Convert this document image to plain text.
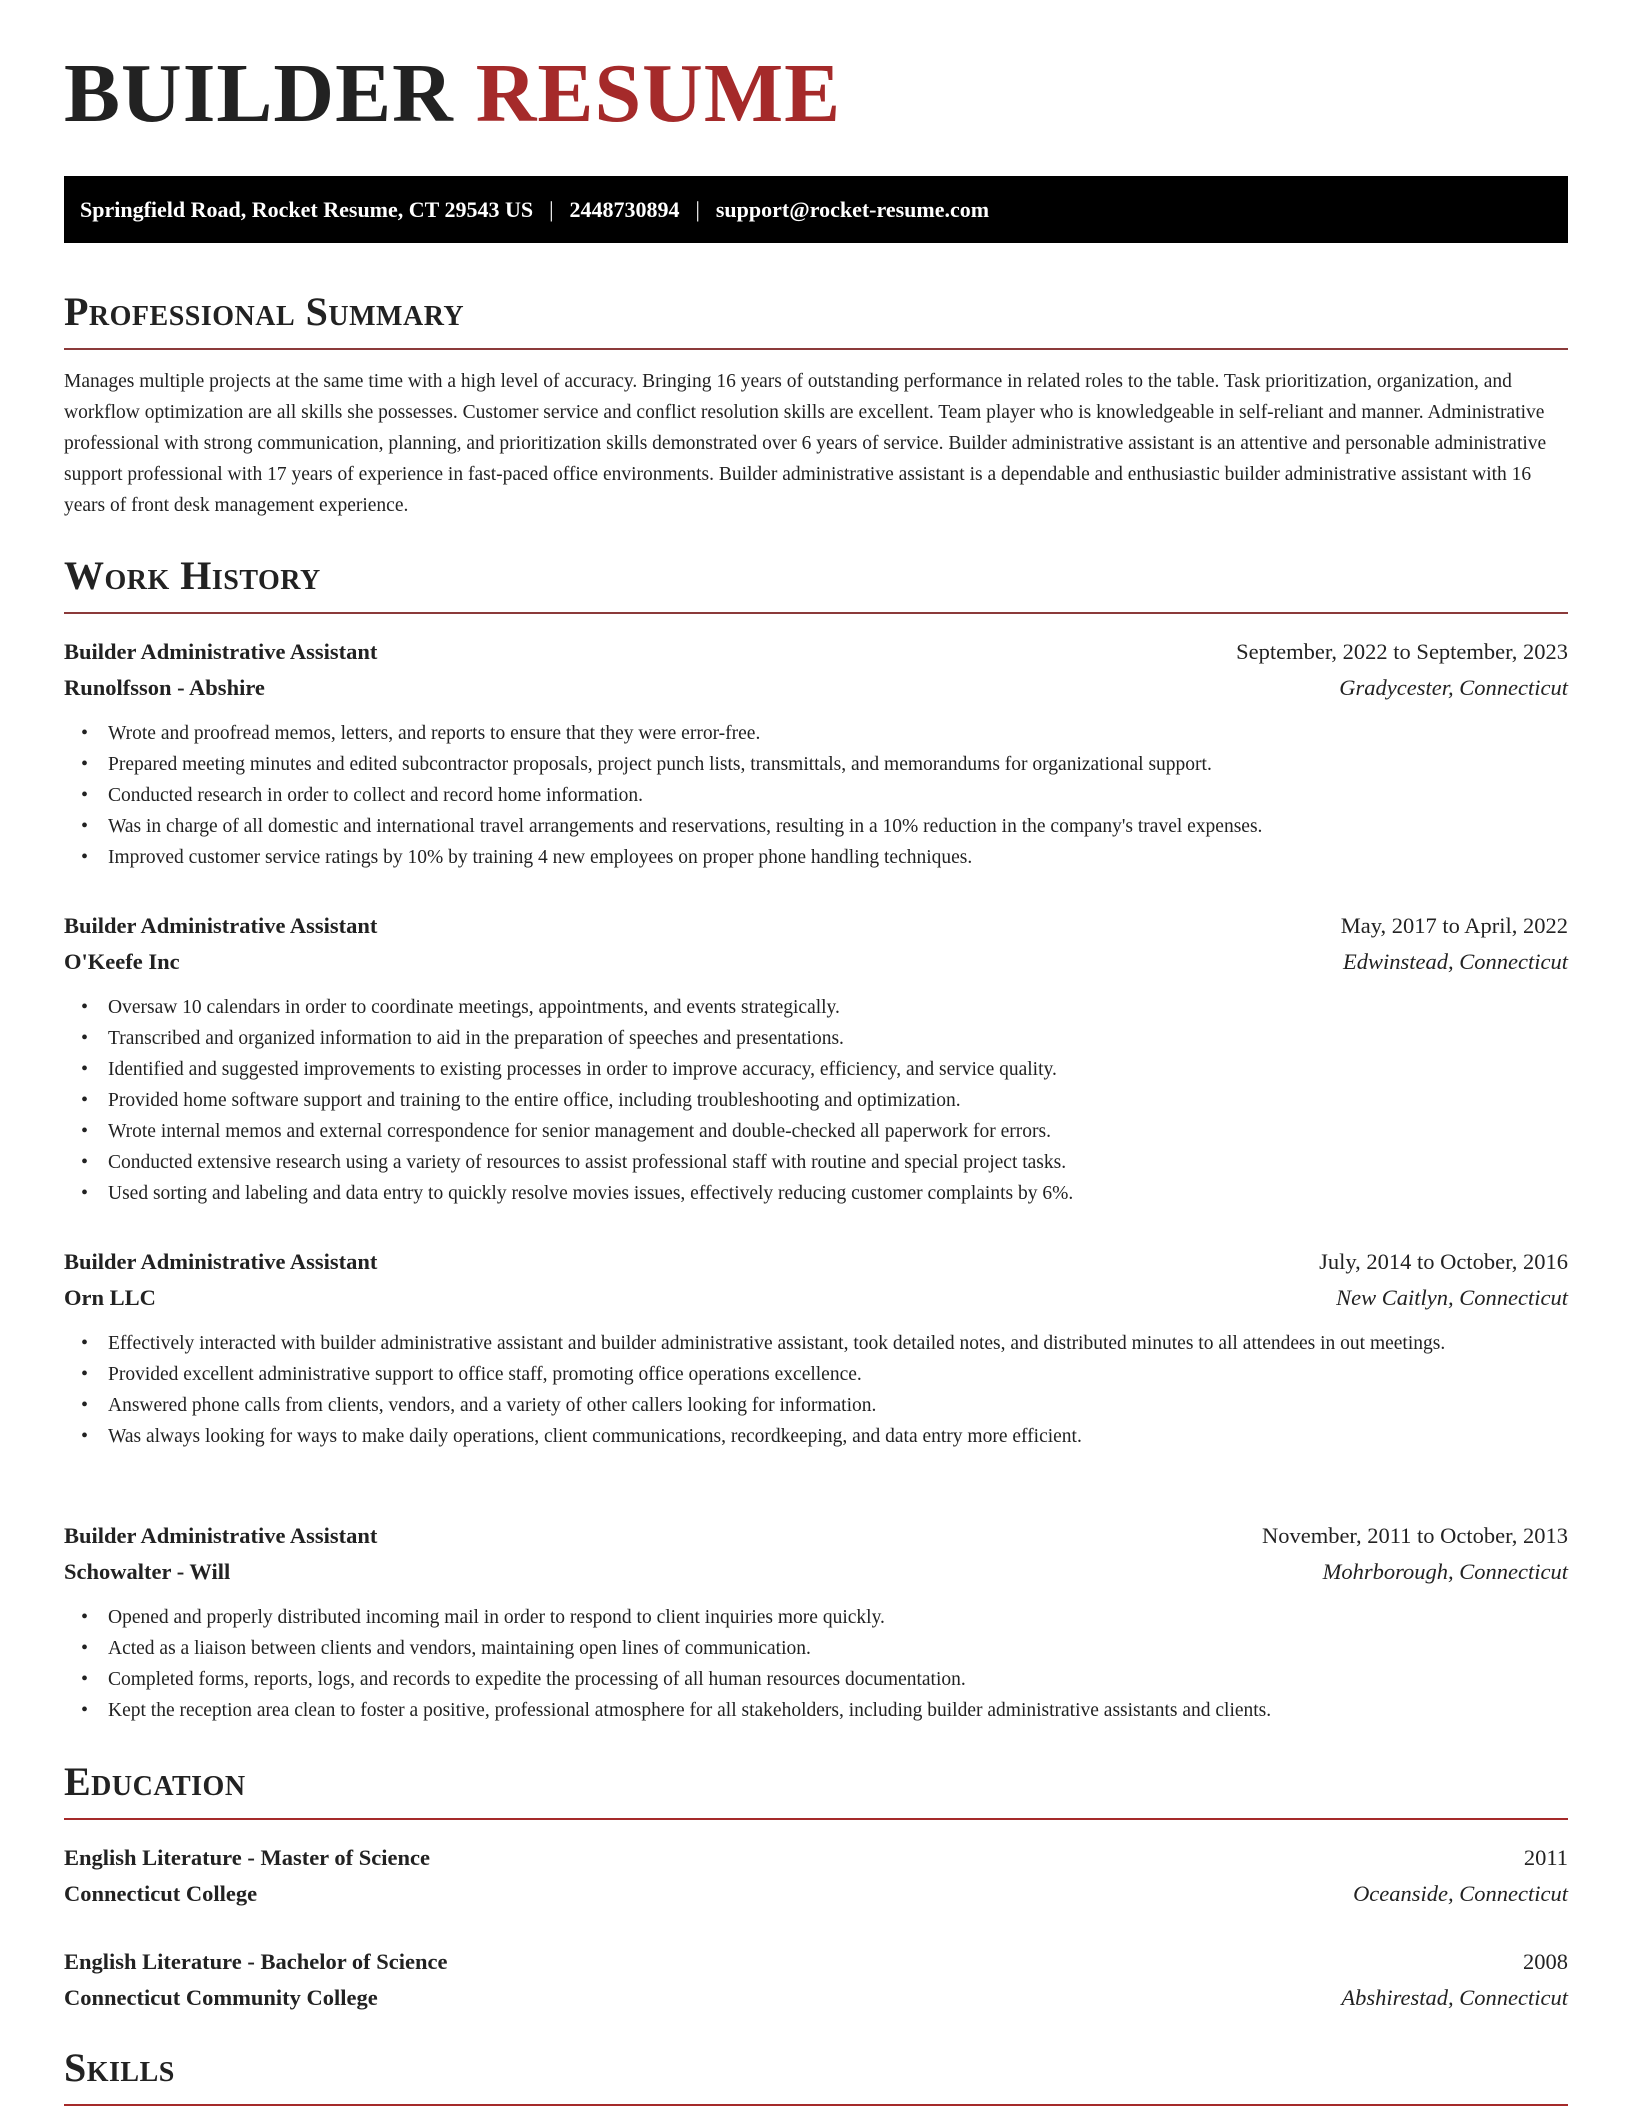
BUILDER RESUME
Springfield Road, Rocket Resume, CT 29543 US | 2448730894 | support@rocket-resume.com
Professional Summary

Manages multiple projects at the same time with a high level of accuracy. Bringing 16 years of outstanding performance in related roles to the table. Task prioritization, organization, and workflow optimization are all skills she possesses. Customer service and conflict resolution skills are excellent. Team player who is knowledgeable in self-reliant and manner. Administrative professional with strong communication, planning, and prioritization skills demonstrated over 6 years of service. Builder administrative assistant is an attentive and personable administrative support professional with 17 years of experience in fast-paced office environments. Builder administrative assistant is a dependable and enthusiastic builder administrative assistant with 16 years of front desk management experience.

Work History
Builder Administrative Assistant	September, 2022 to September, 2023
Runolfsson - Abshire	Gradycester, Connecticut
• Wrote and proofread memos, letters, and reports to ensure that they were error-free.
• Prepared meeting minutes and edited subcontractor proposals, project punch lists, transmittals, and memorandums for organizational support.
• Conducted research in order to collect and record home information.
• Was in charge of all domestic and international travel arrangements and reservations, resulting in a 10% reduction in the company's travel expenses.
• Improved customer service ratings by 10% by training 4 new employees on proper phone handling techniques.
Builder Administrative Assistant	May, 2017 to April, 2022
O'Keefe Inc	Edwinstead, Connecticut
• Oversaw 10 calendars in order to coordinate meetings, appointments, and events strategically.
• Transcribed and organized information to aid in the preparation of speeches and presentations.
• Identified and suggested improvements to existing processes in order to improve accuracy, efficiency, and service quality.
• Provided home software support and training to the entire office, including troubleshooting and optimization.
• Wrote internal memos and external correspondence for senior management and double-checked all paperwork for errors.
• Conducted extensive research using a variety of resources to assist professional staff with routine and special project tasks.
• Used sorting and labeling and data entry to quickly resolve movies issues, effectively reducing customer complaints by 6%.
Builder Administrative Assistant	July, 2014 to October, 2016
Orn LLC	New Caitlyn, Connecticut
• Effectively interacted with builder administrative assistant and builder administrative assistant, took detailed notes, and distributed minutes to all attendees in out meetings.
• Provided excellent administrative support to office staff, promoting office operations excellence.
• Answered phone calls from clients, vendors, and a variety of other callers looking for information.
• Was always looking for ways to make daily operations, client communications, recordkeeping, and data entry more efficient.
Builder Administrative Assistant	November, 2011 to October, 2013
Schowalter - Will	Mohrborough, Connecticut
• Opened and properly distributed incoming mail in order to respond to client inquiries more quickly.
• Acted as a liaison between clients and vendors, maintaining open lines of communication.
• Completed forms, reports, logs, and records to expedite the processing of all human resources documentation.
• Kept the reception area clean to foster a positive, professional atmosphere for all stakeholders, including builder administrative assistants and clients.
Education
English Literature - Master of Science	2011
Connecticut College	Oceanside, Connecticut
English Literature - Bachelor of Science	2008
Connecticut Community College	Abshirestad, Connecticut
Skills
